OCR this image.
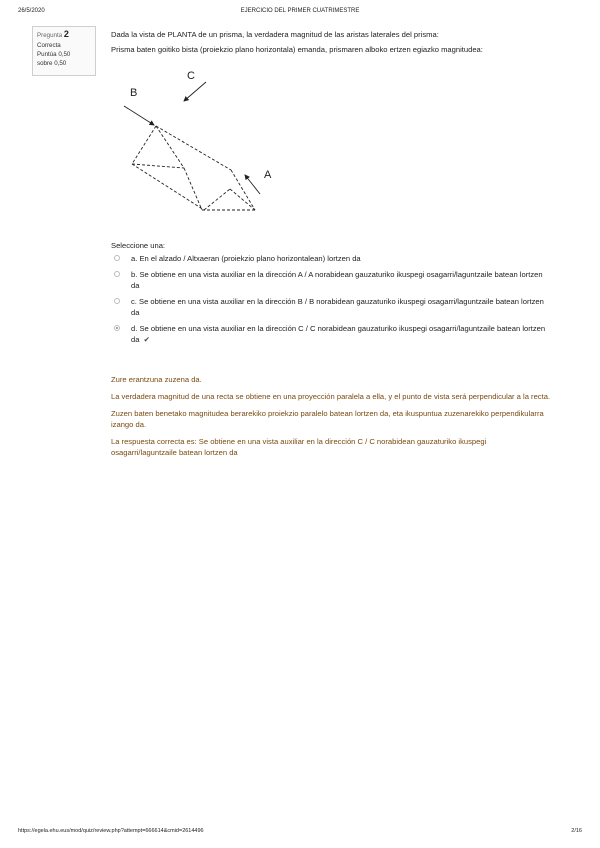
26/5/2020	EJERCICIO DEL PRIMER CUATRIMESTRE
Pregunta 2
Correcta
Puntúa 0,50
sobre 0,50

Dada la vista de PLANTA de un prisma, la verdadera magnitud de las aristas laterales del prisma:

Prisma baten goitiko bista (proiekzio plano horizontala) emanda, prismaren alboko ertzen egiazko magnitudea:

B
C
A
Seleccione una:
a. En el alzado / Altxaeran (proiekzio plano horizontalean) lortzen da
b. Se obtiene en una vista auxiliar en la dirección A / A norabidean gauzaturiko ikuspegi osagarri/laguntzaile batean lortzen da
c. Se obtiene en una vista auxiliar en la dirección B / B norabidean gauzaturiko ikuspegi osagarri/laguntzaile batean lortzen da
d. Se obtiene en una vista auxiliar en la dirección C / C norabidean gauzaturiko ikuspegi osagarri/laguntzaile batean lortzen da ✔

Zure erantzuna zuzena da.

La verdadera magnitud de una recta se obtiene en una proyección paralela a ella, y el punto de vista será perpendicular a la recta.

Zuzen baten benetako magnitudea berarekiko proiekzio paralelo batean lortzen da, eta ikuspuntua zuzenarekiko perpendikularra izango da.

La respuesta correcta es: Se obtiene en una vista auxiliar en la dirección C / C norabidean gauzaturiko ikuspegi osagarri/laguntzaile batean lortzen da

https://egela.ehu.eus/mod/quiz/review.php?attempt=666614&cmid=2614496	2/16
